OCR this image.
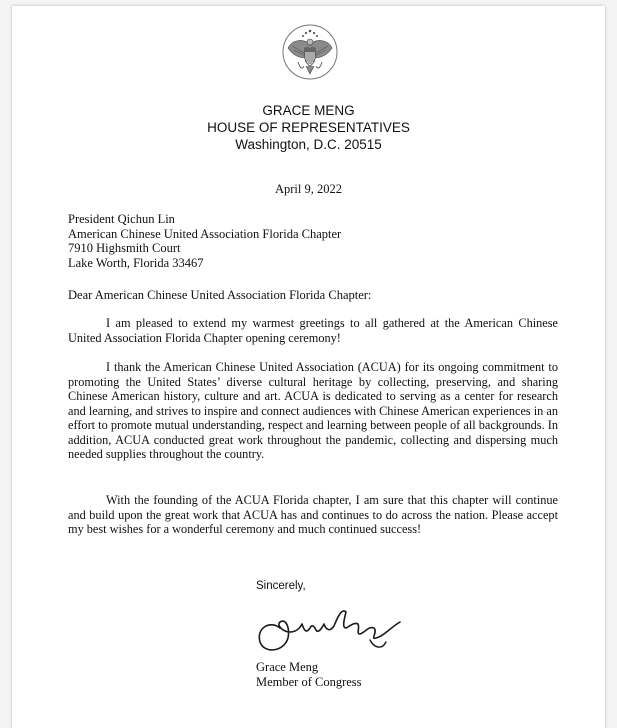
GRACE MENG
HOUSE OF REPRESENTATIVES
Washington, D.C. 20515
April 9, 2022
President Qichun Lin
American Chinese United Association Florida Chapter
7910 Highsmith Court
Lake Worth, Florida 33467
Dear American Chinese United Association Florida Chapter:
I am pleased to extend my warmest greetings to all gathered at the American Chinese United Association Florida Chapter opening ceremony!
I thank the American Chinese United Association (ACUA) for its ongoing commitment to promoting the United States’ diverse cultural heritage by collecting, preserving, and sharing Chinese American history, culture and art. ACUA is dedicated to serving as a center for research and learning, and strives to inspire and connect audiences with Chinese American experiences in an effort to promote mutual understanding, respect and learning between people of all backgrounds. In addition, ACUA conducted great work throughout the pandemic, collecting and dispersing much needed supplies throughout the country.
With the founding of the ACUA Florida chapter, I am sure that this chapter will continue and build upon the great work that ACUA has and continues to do across the nation. Please accept my best wishes for a wonderful ceremony and much continued success!
Sincerely,
Grace Meng
Member of Congress
